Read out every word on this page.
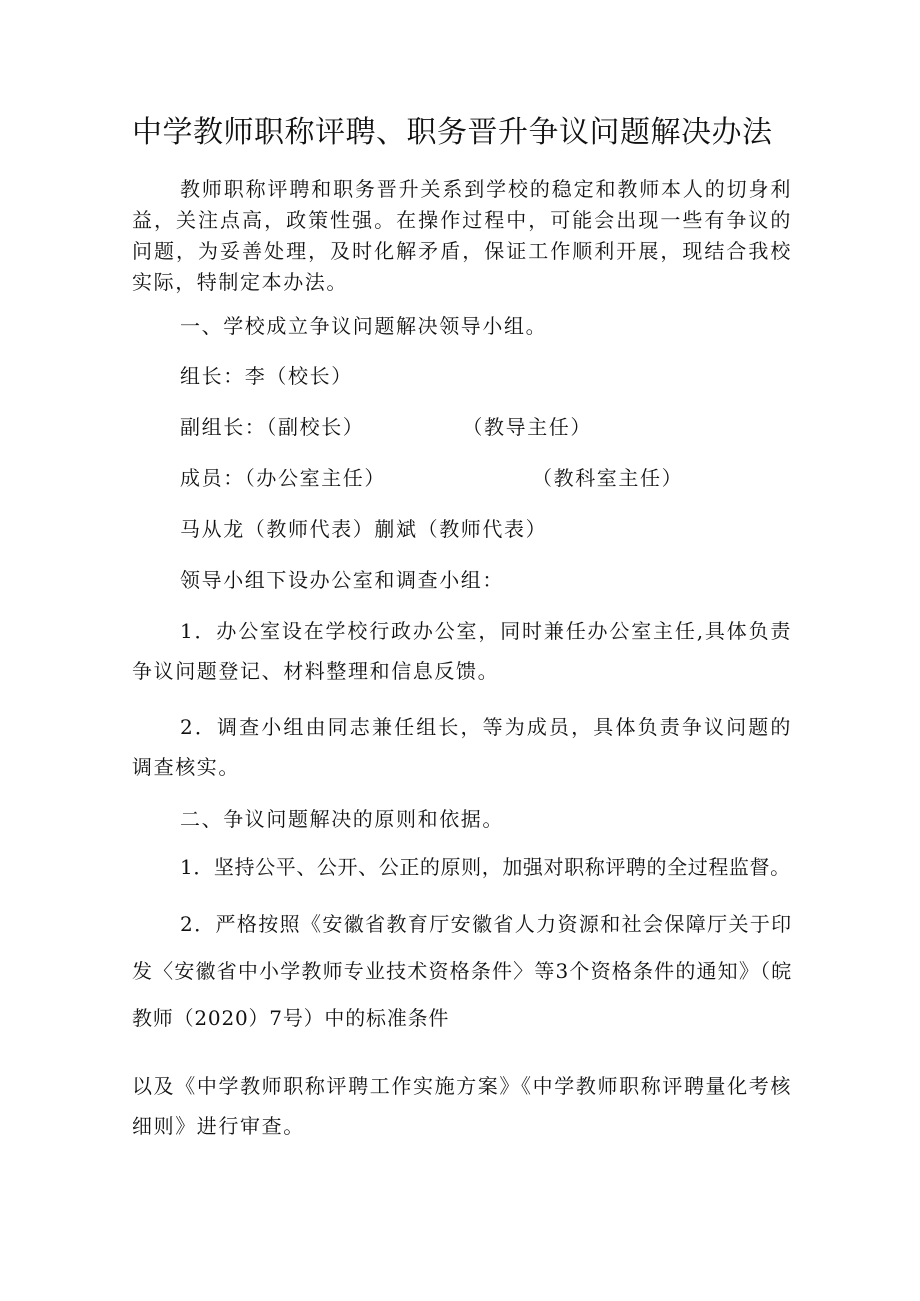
中学教师职称评聘、职务晋升争议问题解决办法

教师职称评聘和职务晋升关系到学校的稳定和教师本人的切身利益，关注点高，政策性强。在操作过程中，可能会出现一些有争议的问题，为妥善处理，及时化解矛盾，保证工作顺利开展，现结合我校实际，特制定本办法。

一、学校成立争议问题解决领导小组。
组长：李（校长）
副组长：（副校长）	（教导主任）
成员：（办公室主任）	（教科室主任）
马从龙（教师代表）蒯斌（教师代表）
领导小组下设办公室和调查小组：

1．办公室设在学校行政办公室，同时兼任办公室主任,具体负责争议问题登记、材料整理和信息反馈。

2．调查小组由同志兼任组长，等为成员，具体负责争议问题的调查核实。

二、争议问题解决的原则和依据。

1．坚持公平、公开、公正的原则，加强对职称评聘的全过程监督。

2．严格按照《安徽省教育厅安徽省人力资源和社会保障厅关于印发〈安徽省中小学教师专业技术资格条件〉等3个资格条件的通知》（皖教师（2020）7号）中的标准条件

以及《中学教师职称评聘工作实施方案》《中学教师职称评聘量化考核细则》进行审查。
